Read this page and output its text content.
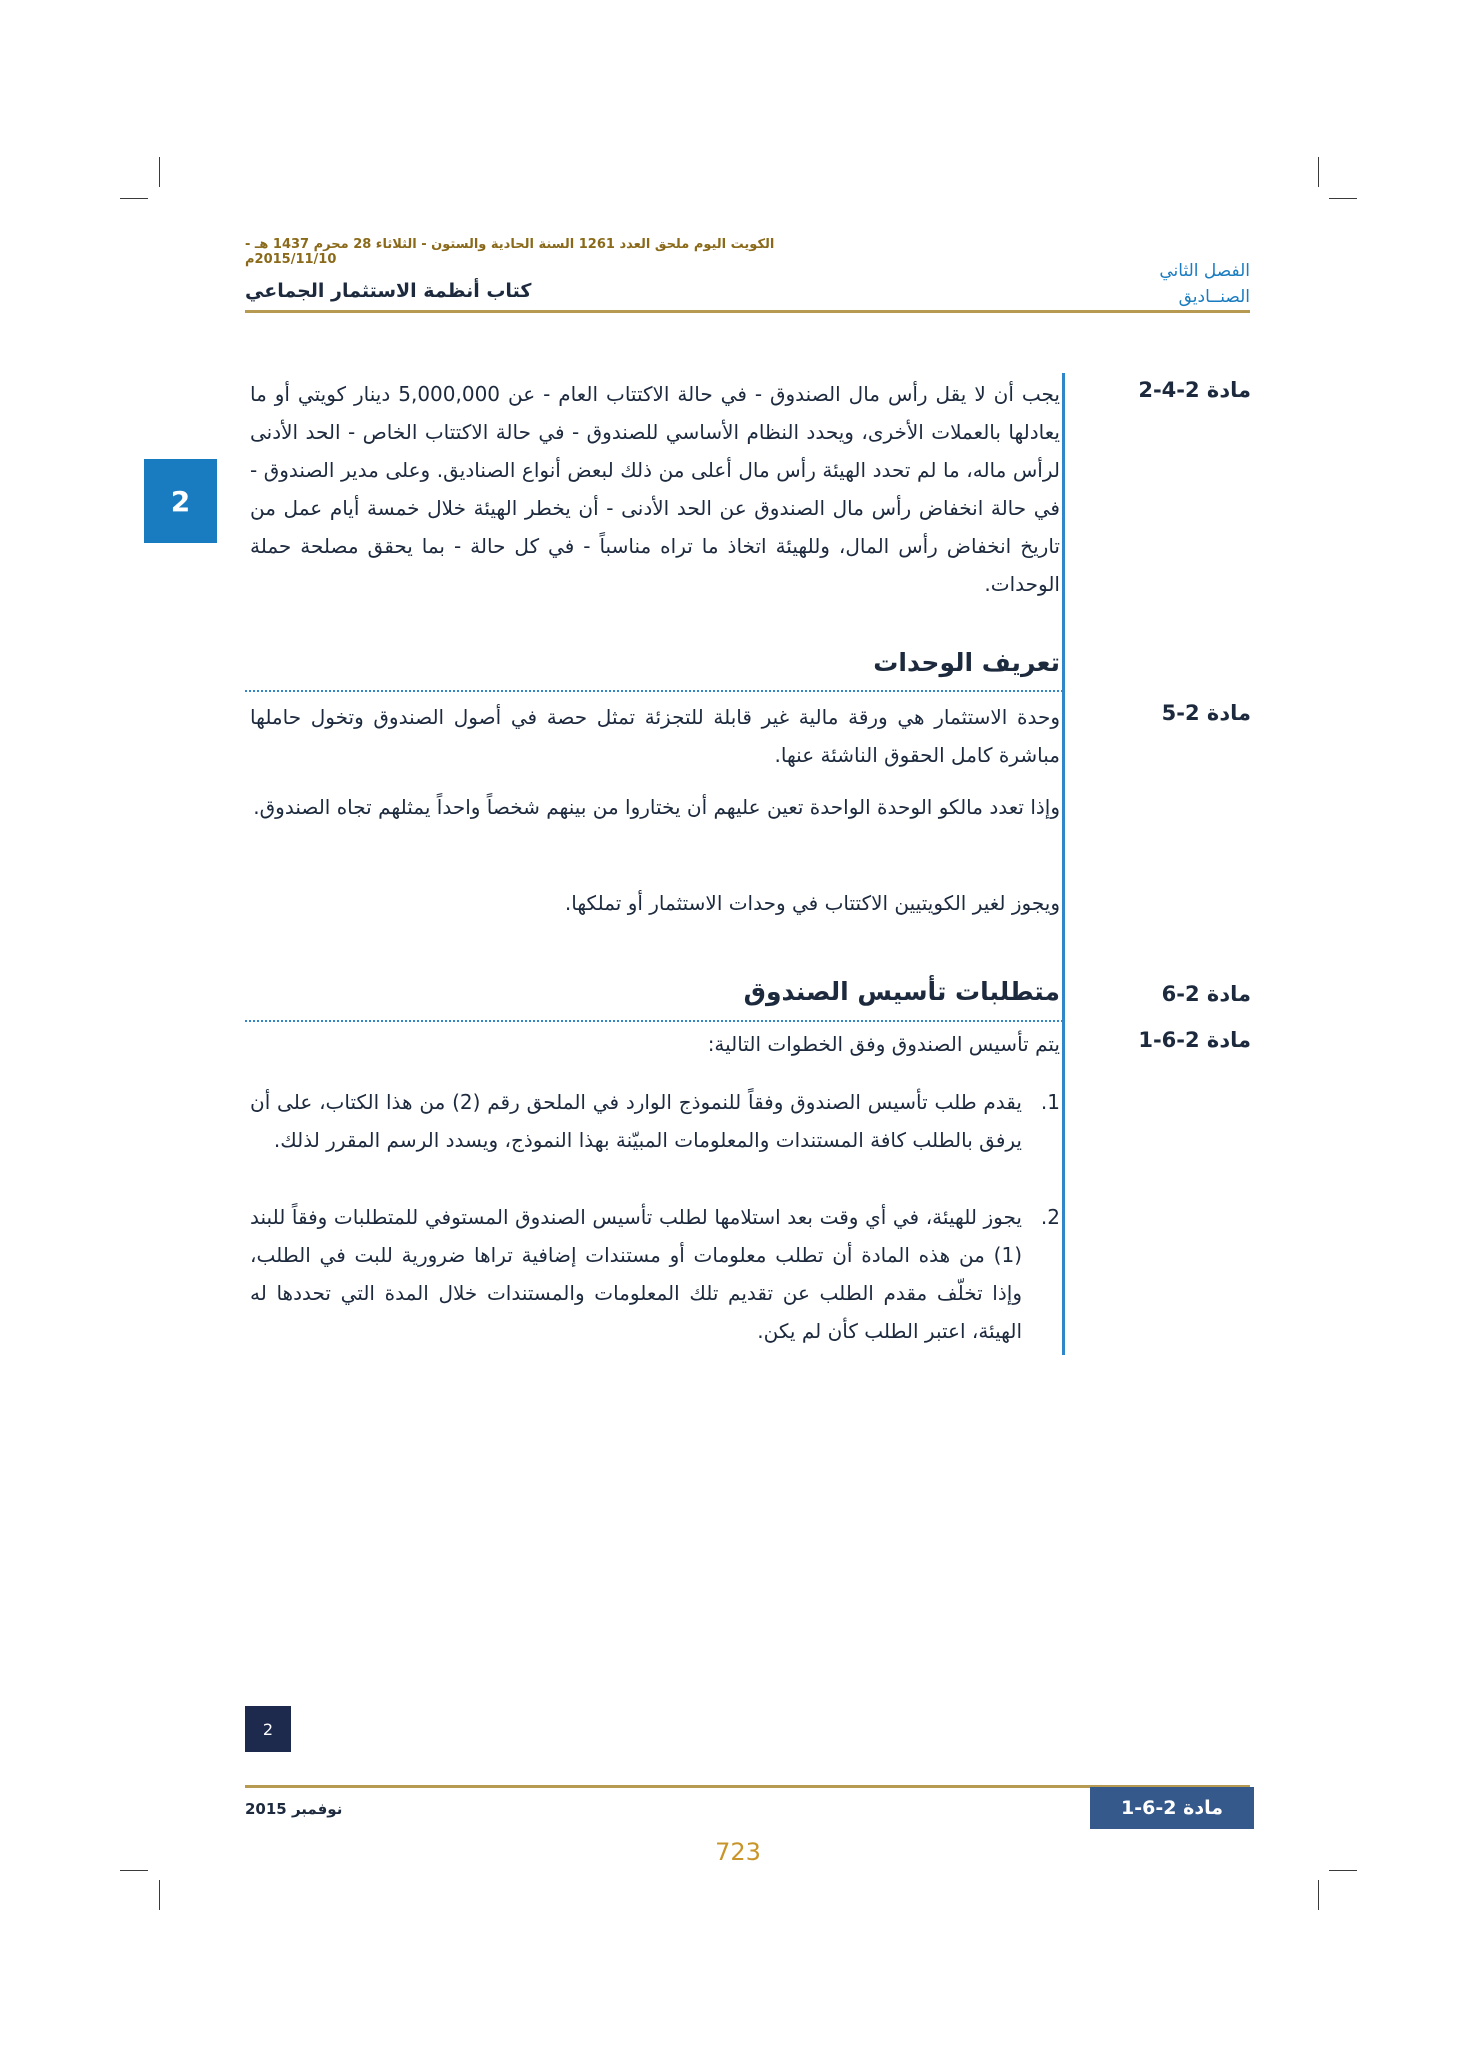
الكويت اليوم ملحق العدد 1261 السنة الحادية والستون - الثلاثاء 28 محرم 1437 هـ - 2015/11/10م
الفصل الثاني
الصنــاديق
كتاب أنظمة الاستثمار الجماعي
2
مادة 2-4-2

يجب أن لا يقل رأس مال الصندوق - في حالة الاكتتاب العام - عن 5,000,000 دينار كويتي أو ما يعادلها بالعملات الأخرى، ويحدد النظام الأساسي للصندوق - في حالة الاكتتاب الخاص - الحد الأدنى لرأس ماله، ما لم تحدد الهيئة رأس مال أعلى من ذلك لبعض أنواع الصناديق. وعلى مدير الصندوق - في حالة انخفاض رأس مال الصندوق عن الحد الأدنى - أن يخطر الهيئة خلال خمسة أيام عمل من تاريخ انخفاض رأس المال، وللهيئة اتخاذ ما تراه مناسباً - في كل حالة - بما يحقق مصلحة حملة الوحدات.

تعريف الوحدات
مادة 2-5

وحدة الاستثمار هي ورقة مالية غير قابلة للتجزئة تمثل حصة في أصول الصندوق وتخول حاملها مباشرة كامل الحقوق الناشئة عنها.

وإذا تعدد مالكو الوحدة الواحدة تعين عليهم أن يختاروا من بينهم شخصاً واحداً يمثلهم تجاه الصندوق.

ويجوز لغير الكويتيين الاكتتاب في وحدات الاستثمار أو تملكها.

مادة 2-6
متطلبات تأسيس الصندوق
مادة 2-6-1

يتم تأسيس الصندوق وفق الخطوات التالية:

1.
يقدم طلب تأسيس الصندوق وفقاً للنموذج الوارد في الملحق رقم (2) من هذا الكتاب، على أن يرفق بالطلب كافة المستندات والمعلومات المبيّنة بهذا النموذج، ويسدد الرسم المقرر لذلك.
2.
يجوز للهيئة، في أي وقت بعد استلامها لطلب تأسيس الصندوق المستوفي للمتطلبات وفقاً للبند (1) من هذه المادة أن تطلب معلومات أو مستندات إضافية تراها ضرورية للبت في الطلب، وإذا تخلّف مقدم الطلب عن تقديم تلك المعلومات والمستندات خلال المدة التي تحددها له الهيئة، اعتبر الطلب كأن لم يكن.
2
نوفمبر 2015	مادة 2-6-1
723
